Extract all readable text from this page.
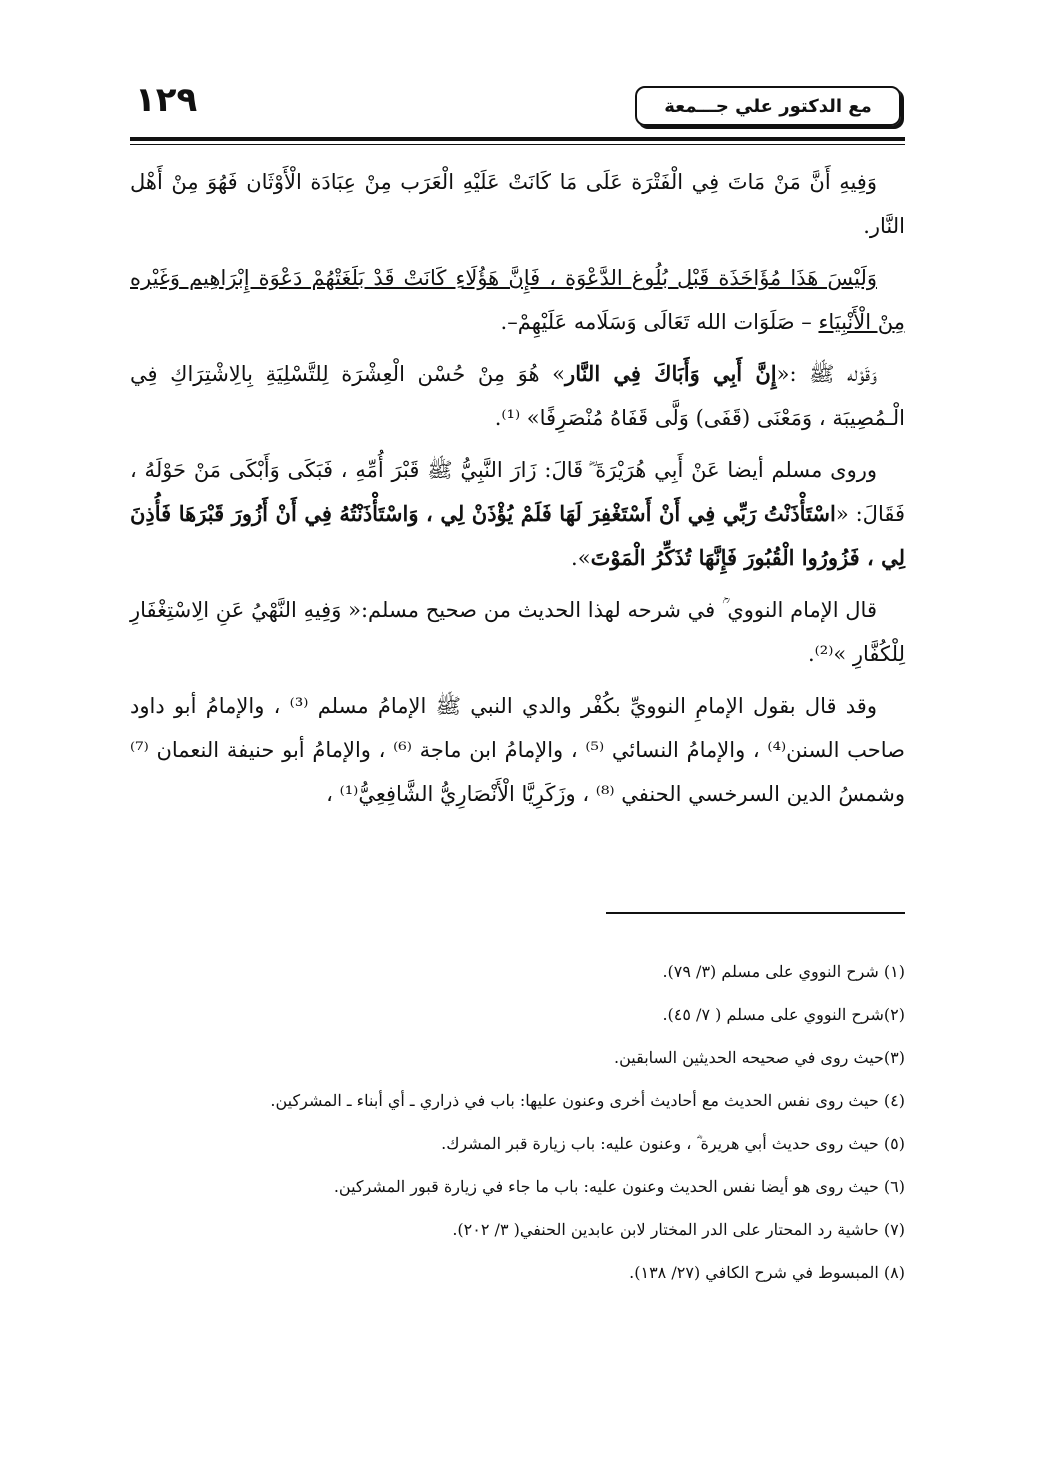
١٢٩	مع الدكتور علي جـــمعة

وَفِيهِ أَنَّ مَنْ مَاتَ فِي الْفَتْرَة عَلَى مَا كَانَتْ عَلَيْهِ الْعَرَب مِنْ عِبَادَة الْأَوْثَان فَهُوَ مِنْ أَهْل النَّار.

وَلَيْسَ هَذَا مُؤَاخَذَة قَبْل بُلُوغ الدَّعْوَة ، فَإِنَّ هَؤُلَاءِ كَانَتْ قَدْ بَلَغَتْهُمْ دَعْوَة إِبْرَاهِيم وَغَيْره مِنْ الْأَنْبِيَاء – صَلَوَات الله تَعَالَى وَسَلَامه عَلَيْهِمْ–.

وَقَوْله ﷺ :«إِنَّ أَبِي وَأَبَاكَ فِي النَّار» هُوَ مِنْ حُسْن الْعِشْرَة لِلتَّسْلِيَةِ بِالِاشْتِرَاكِ فِي الْـمُصِيبَة ، وَمَعْنَى (قَفَى) وَلَّى قَفَاهُ مُنْصَرِفًا» ⁽¹⁾.

وروى مسلم أيضا عَنْ أَبِي هُرَيْرَةَ ؓ قَالَ: زَارَ النَّبِيُّ ﷺ قَبْرَ أُمِّهِ ، فَبَكَى وَأَبْكَى مَنْ حَوْلَهُ ، فَقَالَ: «اسْتَأْذَنْتُ رَبِّي فِي أَنْ أَسْتَغْفِرَ لَهَا فَلَمْ يُؤْذَنْ لِي ، وَاسْتَأْذَنْتُهُ فِي أَنْ أَزُورَ قَبْرَهَا فَأُذِنَ لِي ، فَزُورُوا الْقُبُورَ فَإِنَّهَا تُذَكِّرُ الْمَوْتَ».

قال الإمام النووي ؒ في شرحه لهذا الحديث من صحيح مسلم:« وَفِيهِ النَّهْيُ عَنِ الِاسْتِغْفَارِ لِلْكُفَّارِ »⁽²⁾.

وقد قال بقول الإمامِ النوويِّ بكُفْر والدي النبي ﷺ الإمامُ مسلم ⁽³⁾ ، والإمامُ أبو داود صاحب السنن⁽⁴⁾ ، والإمامُ النسائي ⁽⁵⁾ ، والإمامُ ابن ماجة ⁽⁶⁾ ، والإمامُ أبو حنيفة النعمان ⁽⁷⁾ وشمسُ الدين السرخسي الحنفي ⁽⁸⁾ ، وزَكَرِيَّا الْأَنْصَارِيُّ الشَّافِعِيُّ⁽¹⁾ ،

(١) شرح النووي على مسلم (٣/ ٧٩).
(٢)شرح النووي على مسلم ( ٧/ ٤٥).
(٣)حيث روى في صحيحه الحديثين السابقين.
(٤) حيث روى نفس الحديث مع أحاديث أخرى وعنون عليها: باب في ذراري ـ أي أبناء ـ المشركين.
(٥) حيث روى حديث أبي هريرة ؓ ، وعنون عليه: باب زيارة قبر المشرك.
(٦) حيث روى هو أيضا نفس الحديث وعنون عليه: باب ما جاء في زيارة قبور المشركين.
(٧) حاشية رد المحتار على الدر المختار لابن عابدين الحنفي( ٣/ ٢٠٢).
(٨) المبسوط في شرح الكافي (٢٧/ ١٣٨).
